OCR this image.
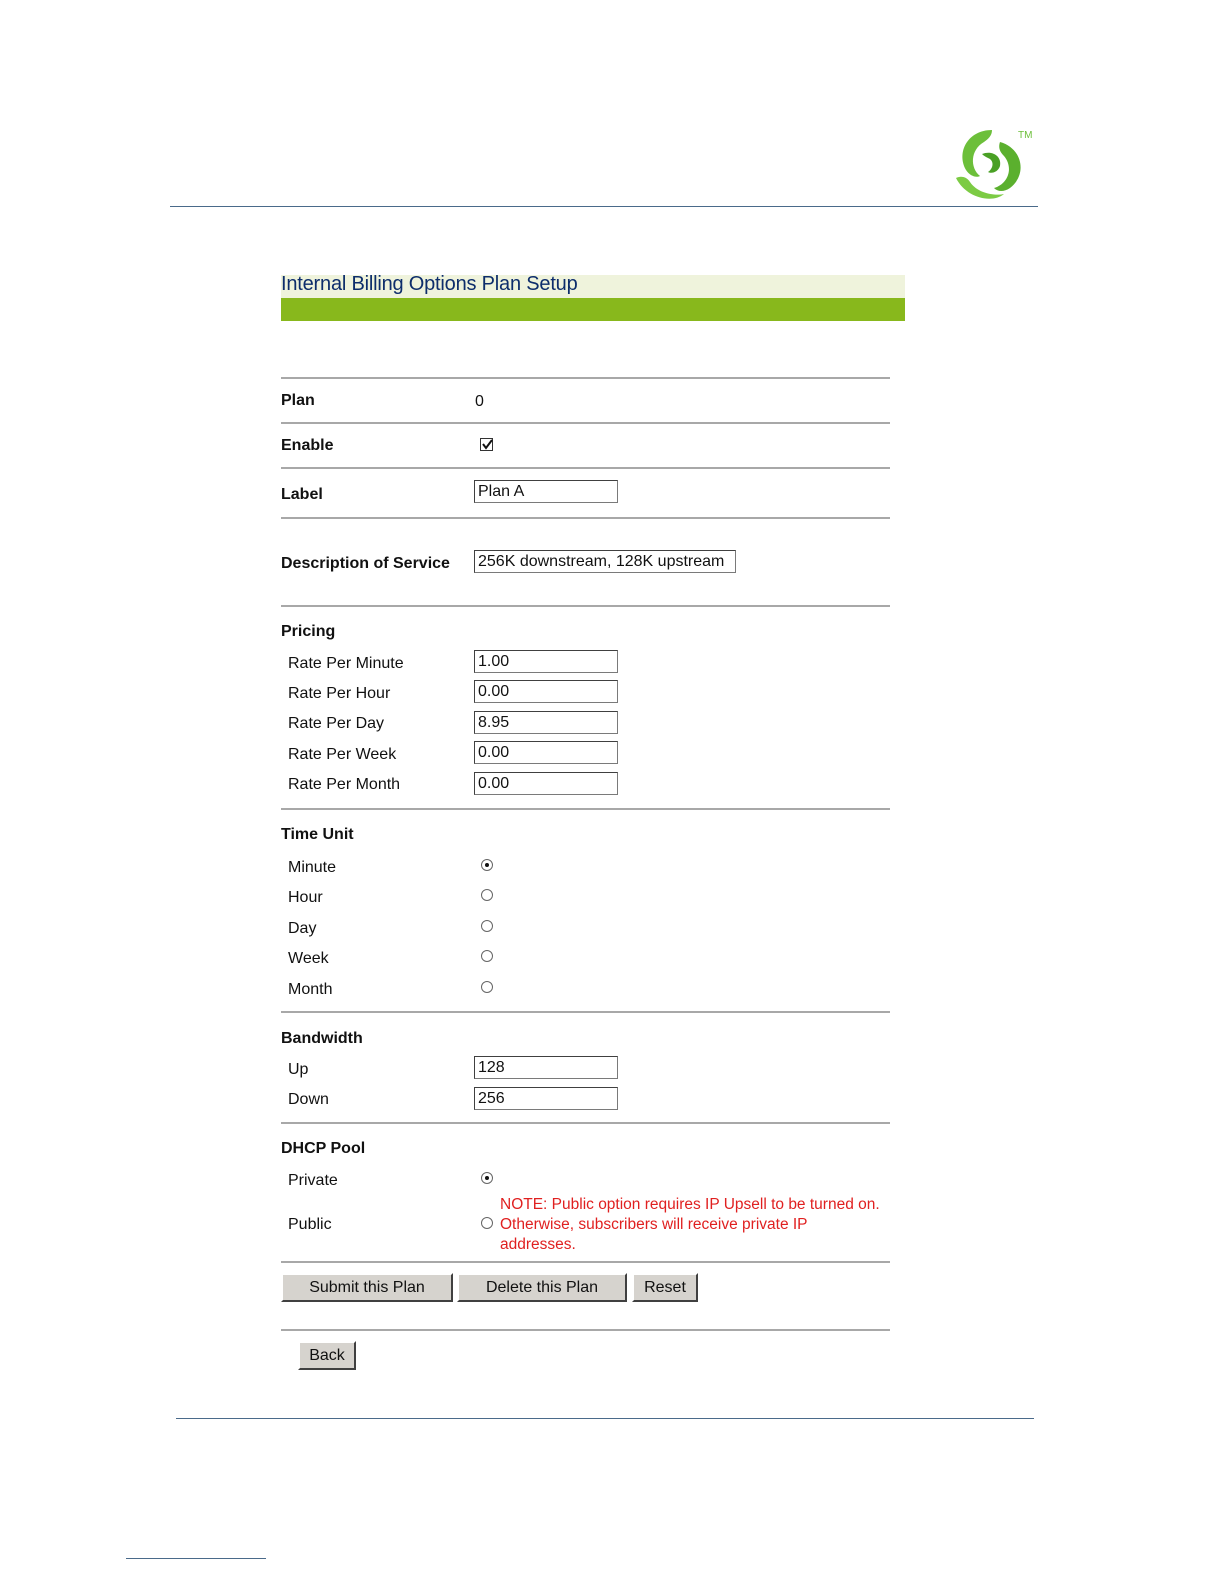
TM
Internal Billing Options Plan Setup
Plan	0
Enable
Label	Plan A
Description of Service 256K downstream, 128K upstream
Pricing
Rate Per Minute	1.00
Rate Per Hour	0.00
Rate Per Day	8.95
Rate Per Week	0.00
Rate Per Month	0.00
Time Unit
Minute
Hour
Day
Week
Month
Bandwidth
Up	128
Down	256
DHCP Pool
Private
Public
NOTE: Public option requires IP Upsell to be turned on. Otherwise, subscribers will receive private IP addresses.
Submit this Plan	Delete this Plan	Reset
Back
